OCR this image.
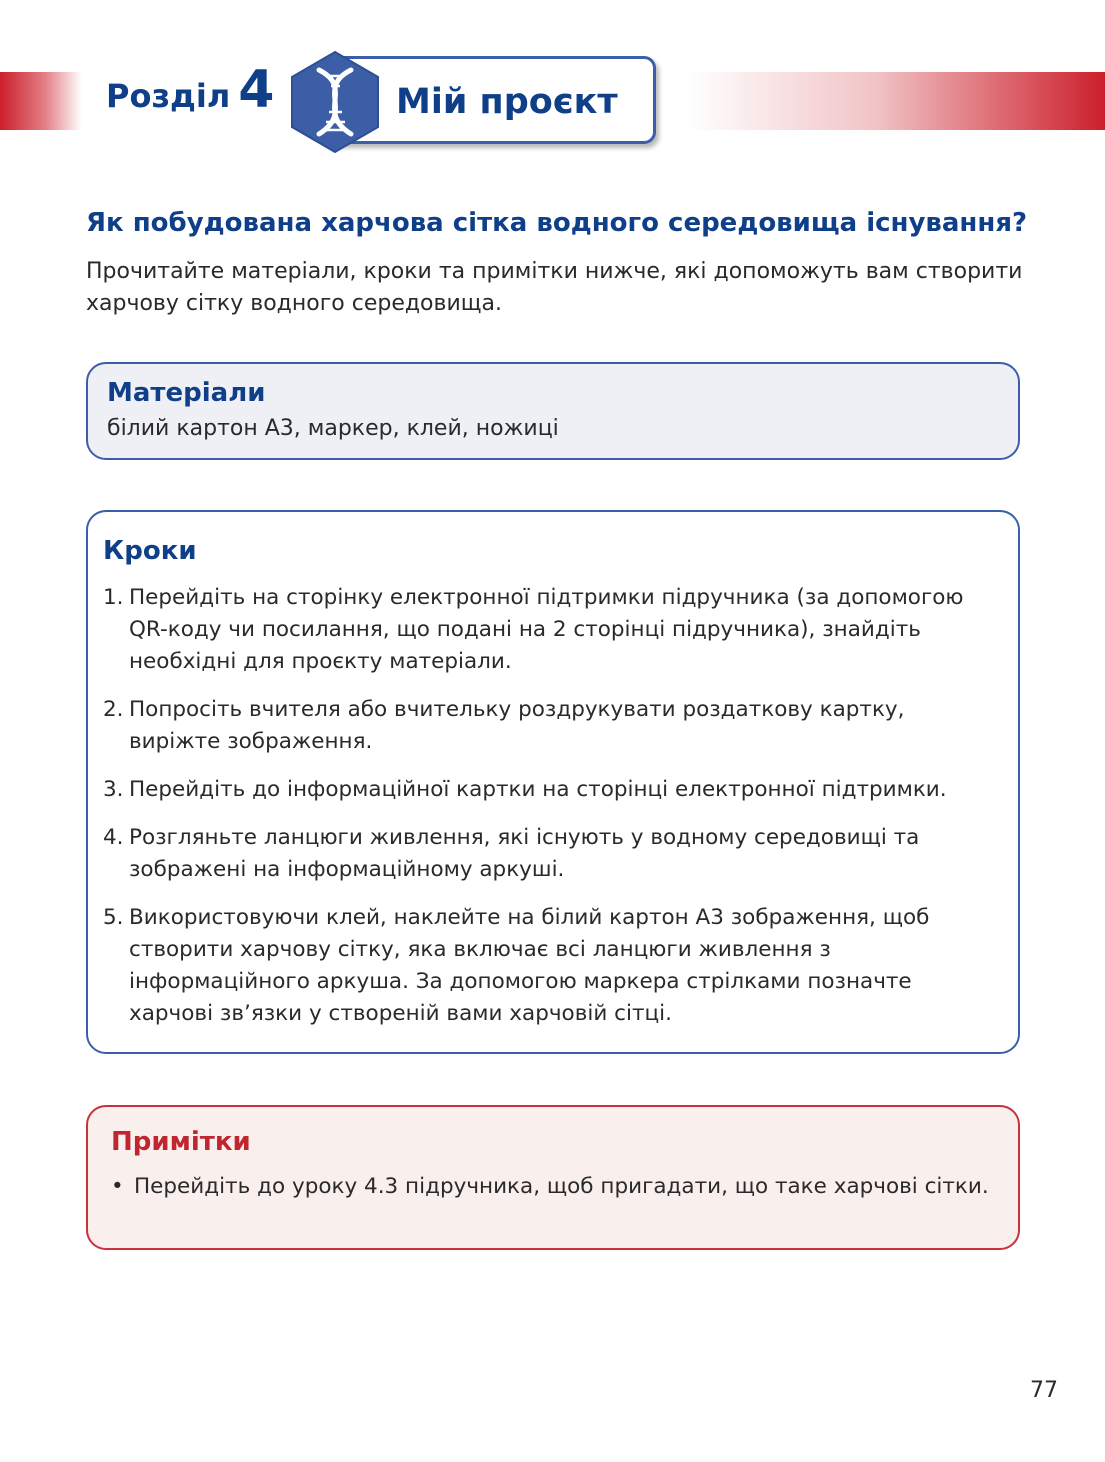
Розділ 4	Мій проєкт
Як побудована харчова сітка водного середовища існування?

Прочитайте матеріали, кроки та примітки нижче, які допоможуть вам створити харчову сітку водного середовища.

Матеріали

білий картон А3, маркер, клей, ножиці

Кроки
1. Перейдіть на сторінку електронної підтримки підручника (за допомогою QR-коду чи посилання, що подані на 2 сторінці підручника), знайдіть необхідні для проєкту матеріали.
2. Попросіть вчителя або вчительку роздрукувати роздаткову картку, виріжте зображення.
3. Перейдіть до інформаційної картки на сторінці електронної підтримки.
4. Розгляньте ланцюги живлення, які існують у водному середовищі та зображені на інформаційному аркуші.
5. Використовуючи клей, наклейте на білий картон А3 зображення, щоб створити харчову сітку, яка включає всі ланцюги живлення з інформаційного аркуша. За допомогою маркера стрілками позначте харчові зв’язки у створеній вами харчовій сітці.
Примітки
• Перейдіть до уроку 4.3 підручника, щоб пригадати, що таке харчові сітки.
77
